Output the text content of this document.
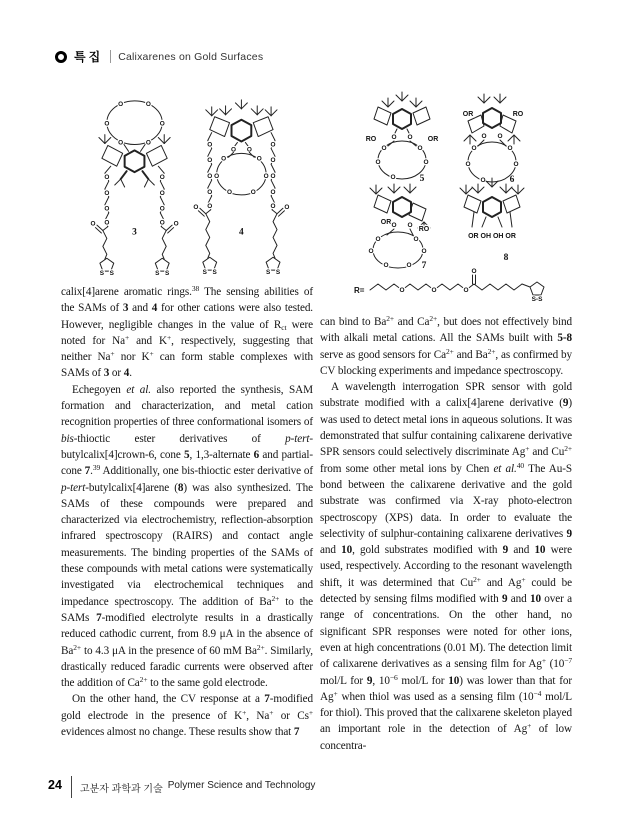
특집 Calixarenes on Gold Surfaces
O	O
O	O
O	O
O
O
O
O
O
S S
O
O
O
O O
S S
3
O O
O	O
O	O
O	O
O
O
O
O
O
O
S S
O
O
O
O
O O
S S
4
RO	OR
O O
O	O
O	O
O	5
OR	RO
O O
O	O
O	O
O	6
OR
RO
O O
O	O
O	O
O	O 7
OR OH OH OR
8
R=	O	O	O
O
S-S

calix[4]arene aromatic rings.$^{38}$ The sensing abilities of the SAMs of 3 and 4 for other cations were also tested. However, negligible changes in the value of $R_{ct}$ were noted for Na+ and K+, respectively, suggesting that neither Na+ nor K+ can form stable complexes with SAMs of 3 or 4.

Echegoyen et al. also reported the synthesis, SAM formation and characterization, and metal cation recognition properties of three conformational isomers of bis-thioctic ester derivatives of p-tert-butylcalix[4]crown-6, cone 5, 1,3-alternate 6 and partial-cone 7.39 Additionally, one bis-thioctic ester derivative of p-tert-butylcalix[4]arene (8) was also synthesized. The SAMs of these compounds were prepared and characterized via electrochemistry, reflection-absorption infrared spectroscopy (RAIRS) and contact angle measurements. The binding properties of the SAMs of these compounds with metal cations were systematically investigated via electrochemical techniques and impedance spectroscopy. The addition of $Ba^{2+}$ to the SAMs 7-modified electrolyte results in a drastically reduced cathodic current, from 8.9 μA in the absence of $Ba^{2+}$ to 4.3 μA in the presence of 60 mM $Ba^{2+}$. Similarly, drastically reduced faradic currents were observed after the addition of $Ca^{2+}$ to the same gold electrode.

On the other hand, the CV response at a 7-modified gold electrode in the presence of K+, Na+ or Cs+ evidences almost no change. These results show that 7

can bind to $Ba^{2+}$ and $Ca^{2+}$, but does not effectively bind with alkali metal cations. All the SAMs built with 5-8 serve as good sensors for $Ca^{2+}$ and $Ba^{2+}$, as confirmed by CV blocking experiments and impedance spectroscopy.

A wavelength interrogation SPR sensor with gold substrate modified with a calix[4]arene derivative (9) was used to detect metal ions in aqueous solutions. It was demonstrated that sulfur containing calixarene derivative SPR sensors could selectively discriminate Ag+ and $Cu^{2+}$ from some other metal ions by Chen et al.$^{40}$ The Au-S bond between the calixarene derivative and the gold substrate was confirmed via X-ray photo-electron spectroscopy (XPS) data. In order to evaluate the selectivity of sulphur-containing calixarene derivatives 9 and 10, gold substrates modified with 9 and 10 were used, respectively. According to the resonant wavelength shift, it was determined that $Cu^{2+}$ and Ag+ could be detected by sensing films modified with 9 and 10 over a range of concentrations. On the other hand, no significant SPR responses were noted for other ions, even at high concentrations (0.01 M). The detection limit of calixarene derivatives as a sensing film for Ag+ ($10^{-7}$ mol/L for 9, $10^{-6}$ mol/L for 10) was lower than that for Ag+ when thiol was used as a sensing film ($10^{-4}$ mol/L for thiol). This proved that the calixarene skeleton played an important role in the detection of Ag+ of low concentra-

24 고분자 과학과 기술 Polymer Science and Technology
